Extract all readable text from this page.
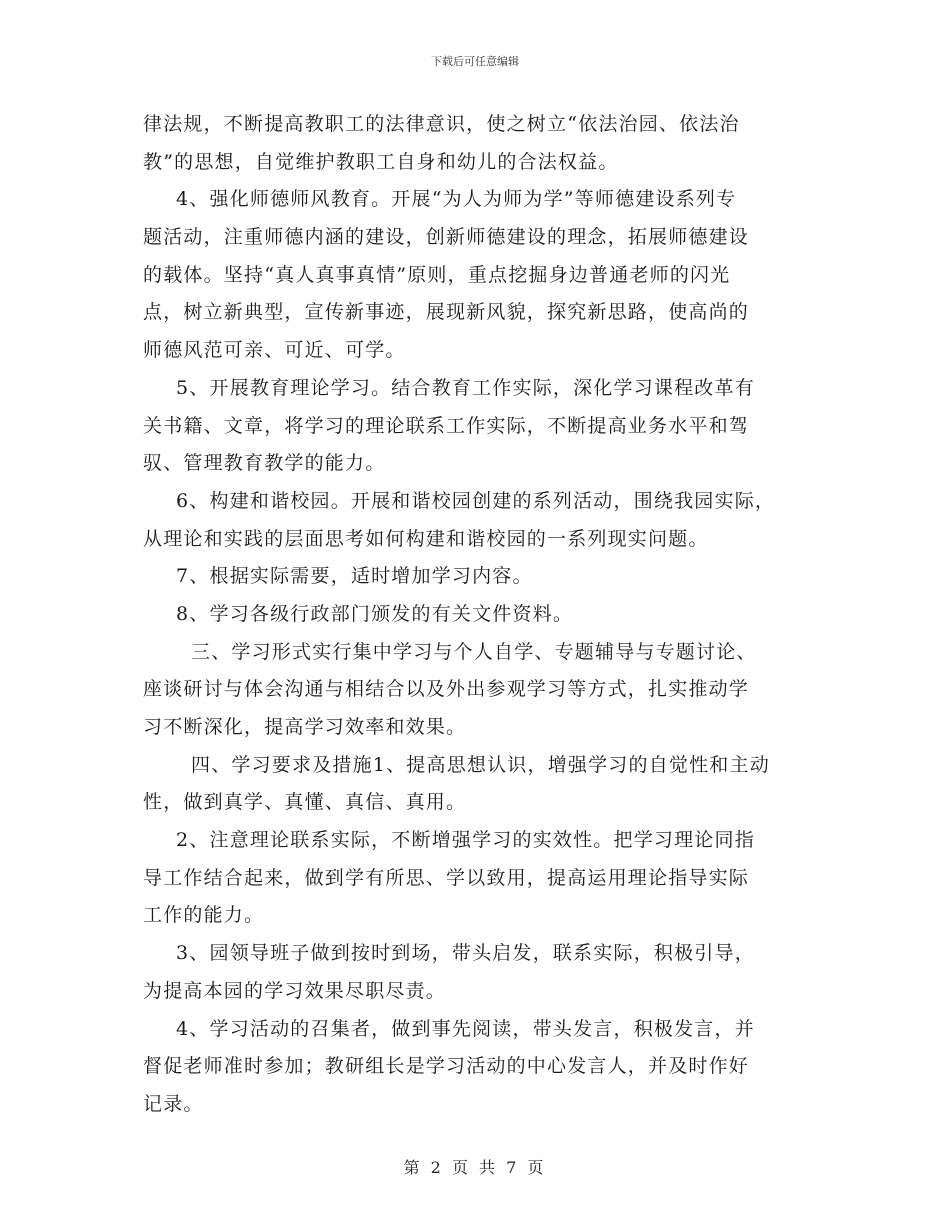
下载后可任意编辑
律法规，不断提高教职工的法律意识，使之树立“依法治园、依法治
教”的思想，自觉维护教职工自身和幼儿的合法权益。
4、强化师德师风教育。开展“为人为师为学”等师德建设系列专
题活动，注重师德内涵的建设，创新师德建设的理念，拓展师德建设
的载体。坚持“真人真事真情”原则，重点挖掘身边普通老师的闪光
点，树立新典型，宣传新事迹，展现新风貌，探究新思路，使高尚的
师德风范可亲、可近、可学。
5、开展教育理论学习。结合教育工作实际，深化学习课程改革有
关书籍、文章，将学习的理论联系工作实际，不断提高业务水平和驾
驭、管理教育教学的能力。
6、构建和谐校园。开展和谐校园创建的系列活动，围绕我园实际，
从理论和实践的层面思考如何构建和谐校园的一系列现实问题。
7、根据实际需要，适时增加学习内容。
8、学习各级行政部门颁发的有关文件资料。
三、学习形式实行集中学习与个人自学、专题辅导与专题讨论、
座谈研讨与体会沟通与相结合以及外出参观学习等方式，扎实推动学
习不断深化，提高学习效率和效果。
四、学习要求及措施1、提高思想认识，增强学习的自觉性和主动
性，做到真学、真懂、真信、真用。
2、注意理论联系实际，不断增强学习的实效性。把学习理论同指
导工作结合起来，做到学有所思、学以致用，提高运用理论指导实际
工作的能力。
3、园领导班子做到按时到场，带头启发，联系实际，积极引导，
为提高本园的学习效果尽职尽责。
4、学习活动的召集者，做到事先阅读，带头发言，积极发言，并
督促老师准时参加；教研组长是学习活动的中心发言人，并及时作好
记录。
第 2 页 共 7 页
